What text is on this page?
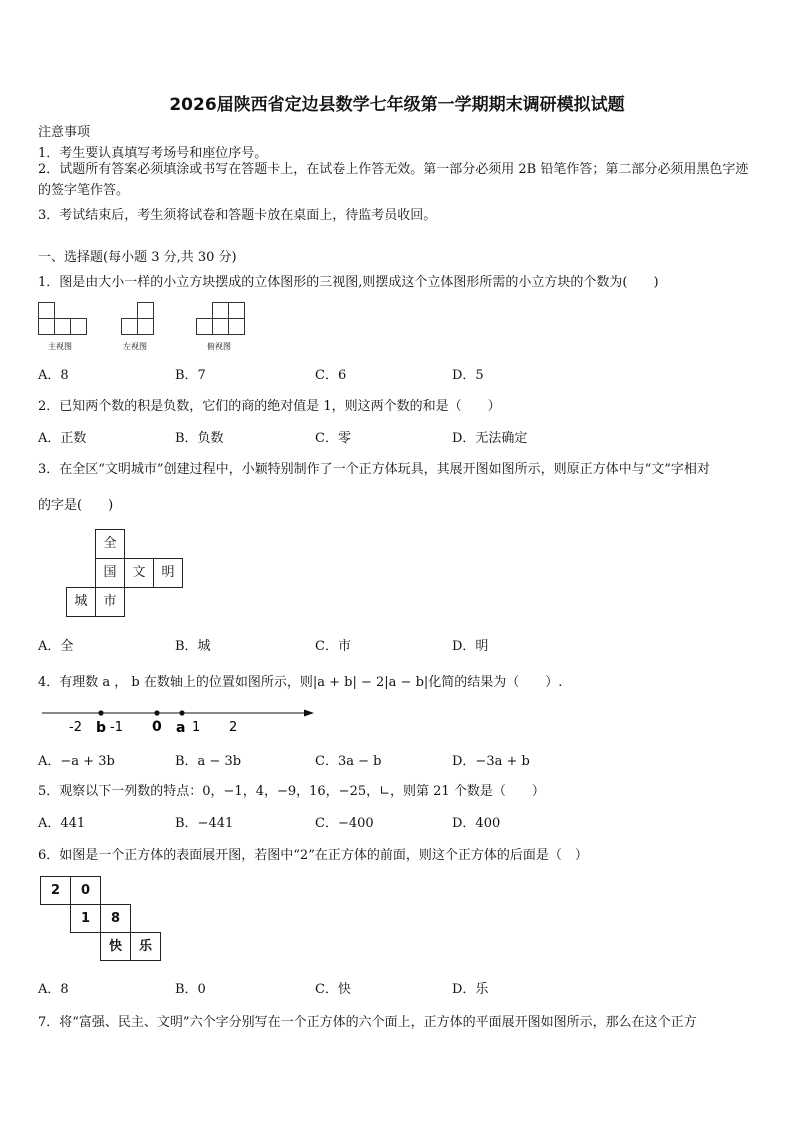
2026届陕西省定边县数学七年级第一学期期末调研模拟试题
注意事项
1．考生要认真填写考场号和座位序号。
2．试题所有答案必须填涂或书写在答题卡上，在试卷上作答无效。第一部分必须用 2B 铅笔作答；第二部分必须用黑色字迹的签字笔作答。
3．考试结束后，考生须将试卷和答题卡放在桌面上，待监考员收回。
一、选择题(每小题 3 分,共 30 分)
1．图是由大小一样的小立方块摆成的立体图形的三视图,则摆成这个立体图形所需的小立方块的个数为(　　)
主视图	左视图	俯视图
A．8	B．7	C．6	D．5
2．已知两个数的积是负数，它们的商的绝对值是 1，则这两个数的和是（　　）
A．正数	B．负数	C．零	D．无法确定
3．在全区“文明城市”创建过程中，小颖特别制作了一个正方体玩具，其展开图如图所示，则原正方体中与“文”字相对
的字是(　　)
全
国	文	明
城	市
A．全	B．城	C．市	D．明
4．有理数 a ， b 在数轴上的位置如图所示，则|a + b| − 2|a − b|化简的结果为（　　）.
-2 b -1 0 a 1 2
A．−a + 3b	B．a − 3b	C．3a − b	D．−3a + b
5．观察以下一列数的特点：0，−1，4，−9，16，−25，∟，则第 21 个数是（　　）
A．441	B．−441	C．−400	D．400
6．如图是一个正方体的表面展开图，若图中“2”在正方体的前面，则这个正方体的后面是（　）
2	0
1	8
快	乐
A．8	B．0	C．快	D．乐
7．将“富强、民主、文明”六个字分别写在一个正方体的六个面上，正方体的平面展开图如图所示，那么在这个正方
